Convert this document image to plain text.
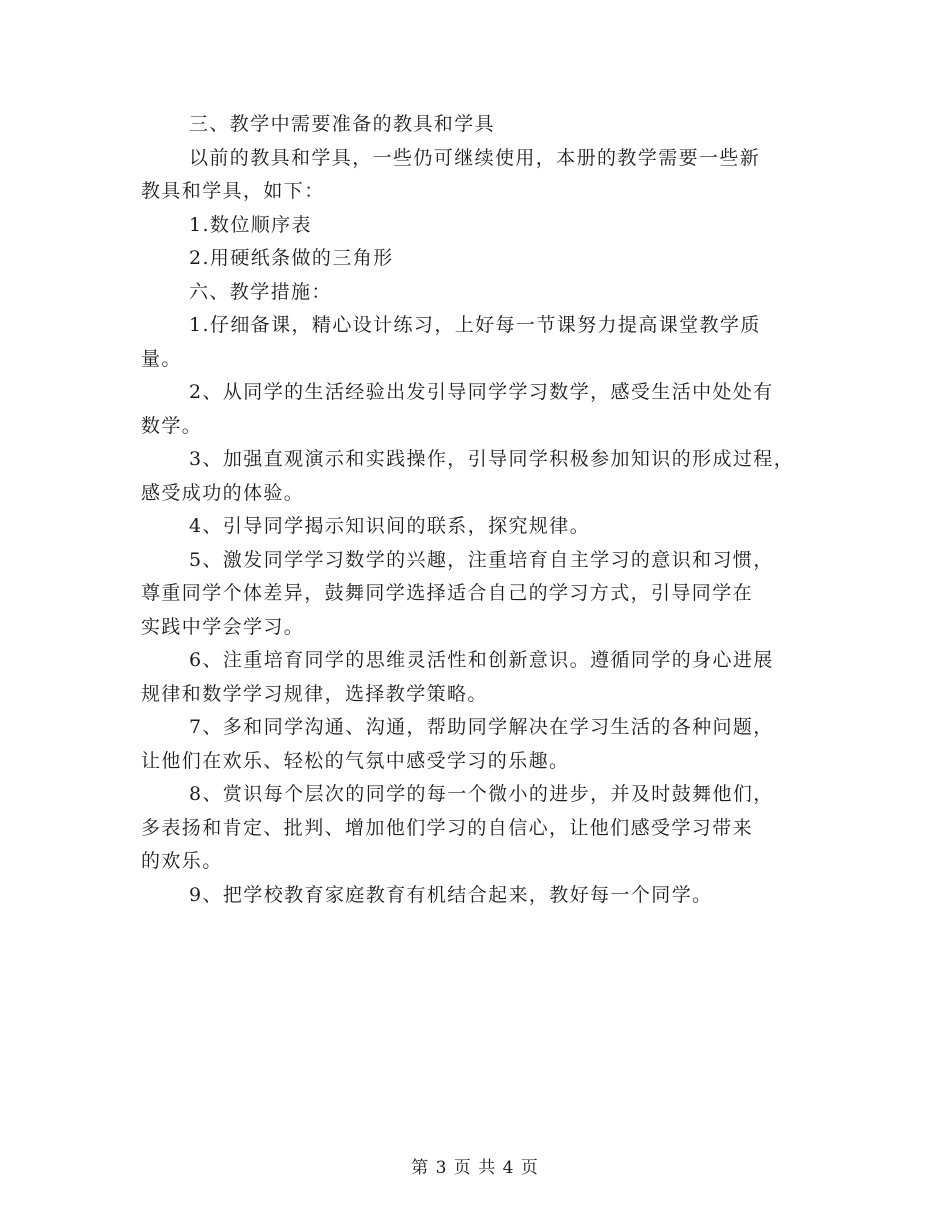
三、教学中需要准备的教具和学具

以前的教具和学具，一些仍可继续使用，本册的教学需要一些新
教具和学具，如下：

1.数位顺序表

2.用硬纸条做的三角形

六、教学措施：

1.仔细备课，精心设计练习，上好每一节课努力提高课堂教学质
量。

2、从同学的生活经验出发引导同学学习数学，感受生活中处处有
数学。

3、加强直观演示和实践操作，引导同学积极参加知识的形成过程，
感受成功的体验。

4、引导同学揭示知识间的联系，探究规律。

5、激发同学学习数学的兴趣，注重培育自主学习的意识和习惯，
尊重同学个体差异，鼓舞同学选择适合自己的学习方式，引导同学在
实践中学会学习。

6、注重培育同学的思维灵活性和创新意识。遵循同学的身心进展
规律和数学学习规律，选择教学策略。

7、多和同学沟通、沟通，帮助同学解决在学习生活的各种问题，
让他们在欢乐、轻松的气氛中感受学习的乐趣。

8、赏识每个层次的同学的每一个微小的进步，并及时鼓舞他们，
多表扬和肯定、批判、增加他们学习的自信心，让他们感受学习带来
的欢乐。

9、把学校教育家庭教育有机结合起来，教好每一个同学。

第 3 页 共 4 页
